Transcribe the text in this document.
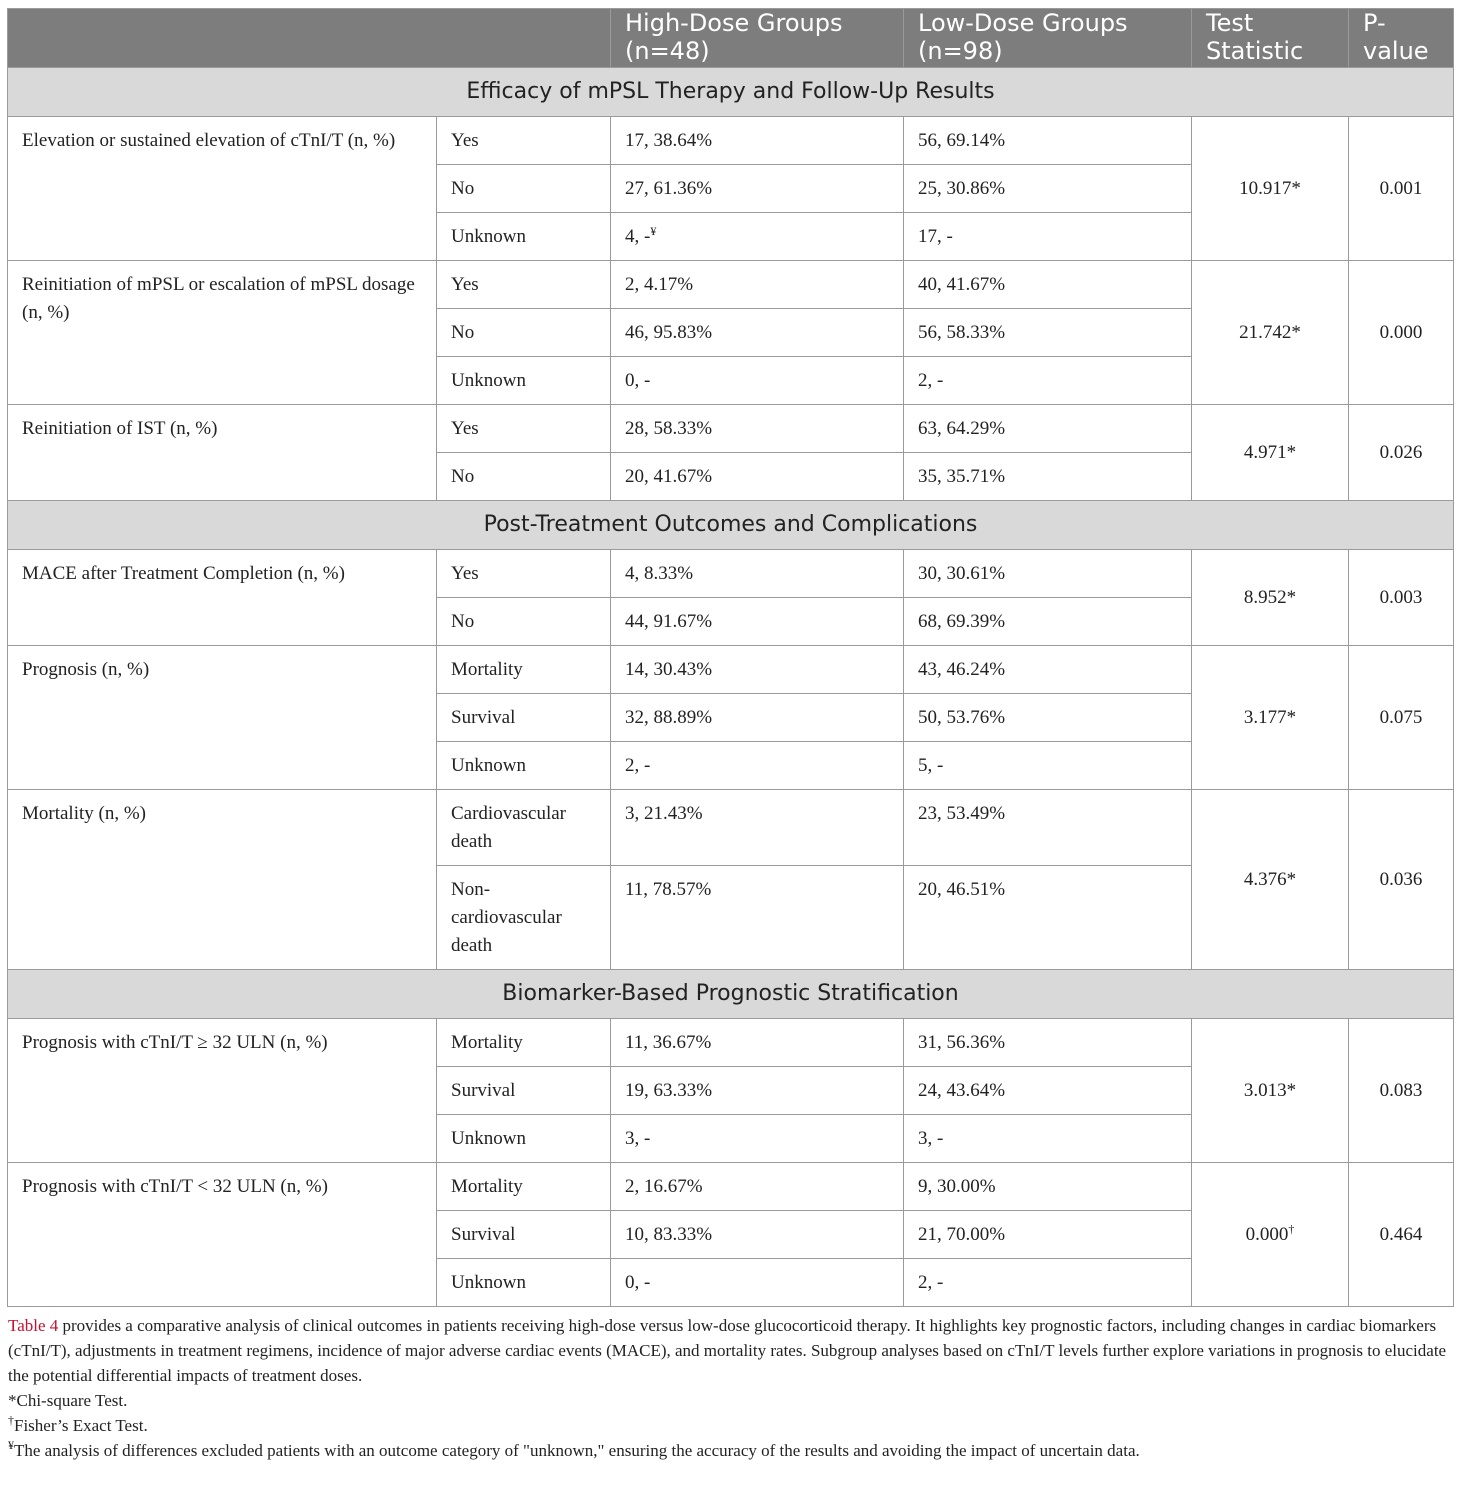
		High-Dose Groups (n=48)	Low-Dose Groups (n=98)	Test Statistic	P-value
Efficacy of mPSL Therapy and Follow-Up Results					
Elevation or sustained elevation of cTnI/T (n, %)	Yes	17, 38.64%	56, 69.14%	10.917*	0.001
	No	27, 61.36%	25, 30.86%		
	Unknown	4, -¥	17, -		
Reinitiation of mPSL or escalation of mPSL dosage (n, %)	Yes	2, 4.17%	40, 41.67%	21.742*	0.000
	No	46, 95.83%	56, 58.33%		
	Unknown	0, -	2, -		
Reinitiation of IST (n, %)	Yes	28, 58.33%	63, 64.29%	4.971*	0.026
	No	20, 41.67%	35, 35.71%		
Post-Treatment Outcomes and Complications					
MACE after Treatment Completion (n, %)	Yes	4, 8.33%	30, 30.61%	8.952*	0.003
	No	44, 91.67%	68, 69.39%		
Prognosis (n, %)	Mortality	14, 30.43%	43, 46.24%	3.177*	0.075
	Survival	32, 88.89%	50, 53.76%		
	Unknown	2, -	5, -		
Mortality (n, %)	Cardiovascular death	3, 21.43%	23, 53.49%	4.376*	0.036
	Non-cardiovascular death	11, 78.57%	20, 46.51%		
Biomarker-Based Prognostic Stratification					
Prognosis with cTnI/T ≥ 32 ULN (n, %)	Mortality	11, 36.67%	31, 56.36%	3.013*	0.083
	Survival	19, 63.33%	24, 43.64%		
	Unknown	3, -	3, -		
Prognosis with cTnI/T < 32 ULN (n, %)	Mortality	2, 16.67%	9, 30.00%	0.000†	0.464
	Survival	10, 83.33%	21, 70.00%		
	Unknown	0, -	2, -		

Table 4 provides a comparative analysis of clinical outcomes in patients receiving high-dose versus low-dose glucocorticoid therapy. It highlights key prognostic factors, including changes in cardiac biomarkers (cTnI/T), adjustments in treatment regimens, incidence of major adverse cardiac events (MACE), and mortality rates. Subgroup analyses based on cTnI/T levels further explore variations in prognosis to elucidate the potential differential impacts of treatment doses.

*Chi-square Test.

†Fisher’s Exact Test.

¥The analysis of differences excluded patients with an outcome category of "unknown," ensuring the accuracy of the results and avoiding the impact of uncertain data.
